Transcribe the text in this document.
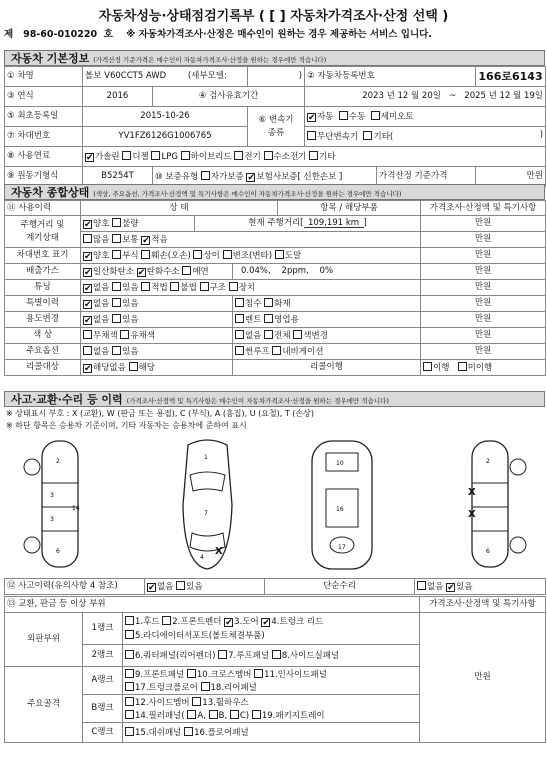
자동차성능·상태점검기록부 ( [ ] 자동차가격조사·산정 선택 )
제 98-60-010220 호 ※ 자동차가격조사·산정은 매수인이 원하는 경우 제공하는 서비스 입니다.
자동차 기본정보 (가격산정 기준가격은 매수인이 자동차가격조사·산정을 원하는 경우에만 적습니다)
① 차명	볼보 V60CCT5 AWD (세부모델:		)	② 자동차등록번호		166로6143
③ 연식	2016	④ 검사유효기간		2023 년 12 월 20일 ~ 2025 년 12 월 19일		
⑤ 최초등록일	2015-10-26		⑥ 변속기
종류	✔자동 수동 세미오토		
⑦ 차대번호	YV1FZ6126G1006765			무단변속기 기타( )		

⑧ 사용연료	✔가솔린 디젤 LPG 하이브리드 전기 수소전기 기타					
⑨ 원동기형식	B5254T	⑩ 보증유형 자가보증 ✔보험사보증[ 신한손보 ]			가격산정 기준가격	만원
자동차 종합상태 (색상, 주요옵션, 가격조사·산정액 및 특기사항은 매수인이 자동차가격조사·산정을 원하는 경우에만 적습니다)
⑪ 사용이력	상 태			항목 / 해당부품	가격조사·산정액 및 특기사항

주행거리 및
계기상태	✔양호 불량	현재 주행거리[ 109,191 km ]			만원
	많음 보통 ✔적음				만원
차대번호 표기	✔양호 부식 훼손(오손) 상이 변조(변타) 도말				만원
배출가스	✔일산화탄소 ✔탄화수소 매연		0.04%, 2ppm, 0%		만원
튜닝	✔없음 있음 적법 불법 구조 장치				만원
특별이력	✔없음 있음		침수 화재		만원
용도변경	✔없음 있음		렌트 영업용		만원
색 상	무채색 유채색		없음 전체 색변경		만원
주요옵션	없음 있음		썬루프 내비게이션		만원
리콜대상	✔해당없음 해당		리콜이행		이행 미이행
사고·교환·수리 등 이력 (가격조사·산정액 및 특기사항은 매수인이 자동차가격조사·산정을 원하는 경우에만 적습니다)
※ 상태표시 부호 : X (교환), W (판금 또는 용접), C (부식), A (흠집), U (요철), T (손상)
※ 하단 항목은 승용차 기준이며, 기타 자동차는 승용차에 준하여 표시
2
3
3
6
14
1
7
4
X
10
16
17
2
6
X
X
⑫ 사고이력(유의사항 4 참조)	✔없음 있음	단순수리	없음 ✔있음
⑬ 교환, 판금 등 이상 부위			가격조사·산정액 및 특기사항
외판부위	1랭크	1.후드 2.프론트펜더 ✔3.도어 ✔4.트렁크 리드
5.라디에이터서포트(볼트체결부품)	만원
	2랭크	6.쿼터패널(리어펜더) 7.루프패널 8.사이드실패널	
주요골격	A랭크	9.프론트패널 10.크로스멤버 11.인사이드패널
17.트렁크플로어 18.리어패널	

	B랭크	12.사이드멤버 13.휠하우스
14.필러패널( A, B, C) 19.패키지트레이	

	C랭크	15.대쉬패널 16.플로어패널	
